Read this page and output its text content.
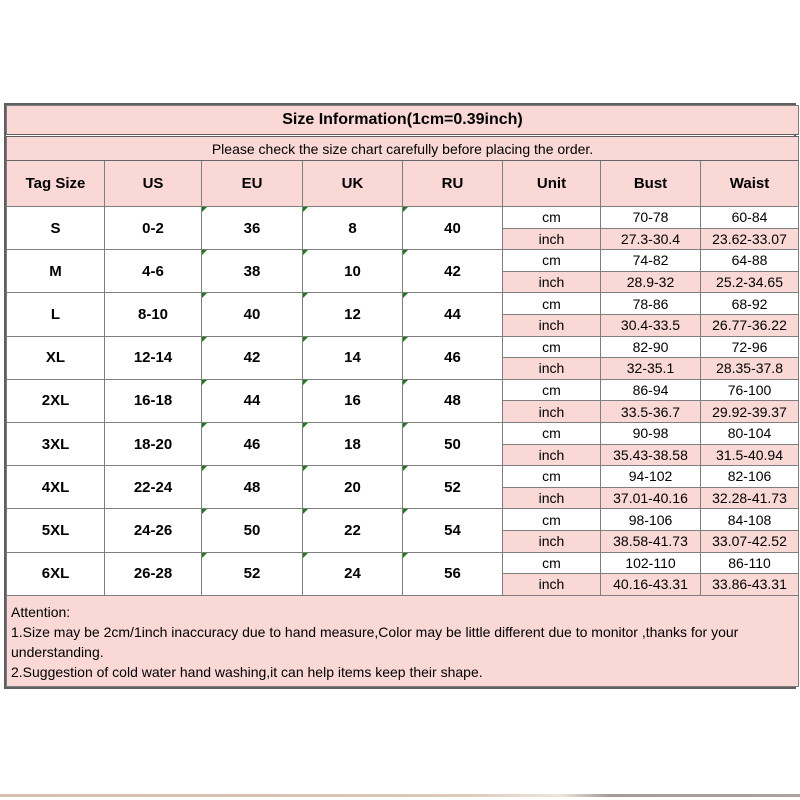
Size Information(1cm=0.39inch)							
Please check the size chart carefully before placing the order.							
Tag Size	US	EU	UK	RU	Unit	Bust	Waist
S	0-2	36	8	40	cm	70-78	60-84
					inch	27.3-30.4	23.62-33.07
M	4-6	38	10	42	cm	74-82	64-88
					inch	28.9-32	25.2-34.65
L	8-10	40	12	44	cm	78-86	68-92
					inch	30.4-33.5	26.77-36.22
XL	12-14	42	14	46	cm	82-90	72-96
					inch	32-35.1	28.35-37.8
2XL	16-18	44	16	48	cm	86-94	76-100
					inch	33.5-36.7	29.92-39.37
3XL	18-20	46	18	50	cm	90-98	80-104
					inch	35.43-38.58	31.5-40.94
4XL	22-24	48	20	52	cm	94-102	82-106
					inch	37.01-40.16	32.28-41.73
5XL	24-26	50	22	54	cm	98-106	84-108
					inch	38.58-41.73	33.07-42.52
6XL	26-28	52	24	56	cm	102-110	86-110
					inch	40.16-43.31	33.86-43.31

Attention:
1.Size may be 2cm/1inch inaccuracy due to hand measure,Color may be little different due to monitor ,thanks for your understanding.
2.Suggestion of cold water hand washing,it can help items keep their shape.							
